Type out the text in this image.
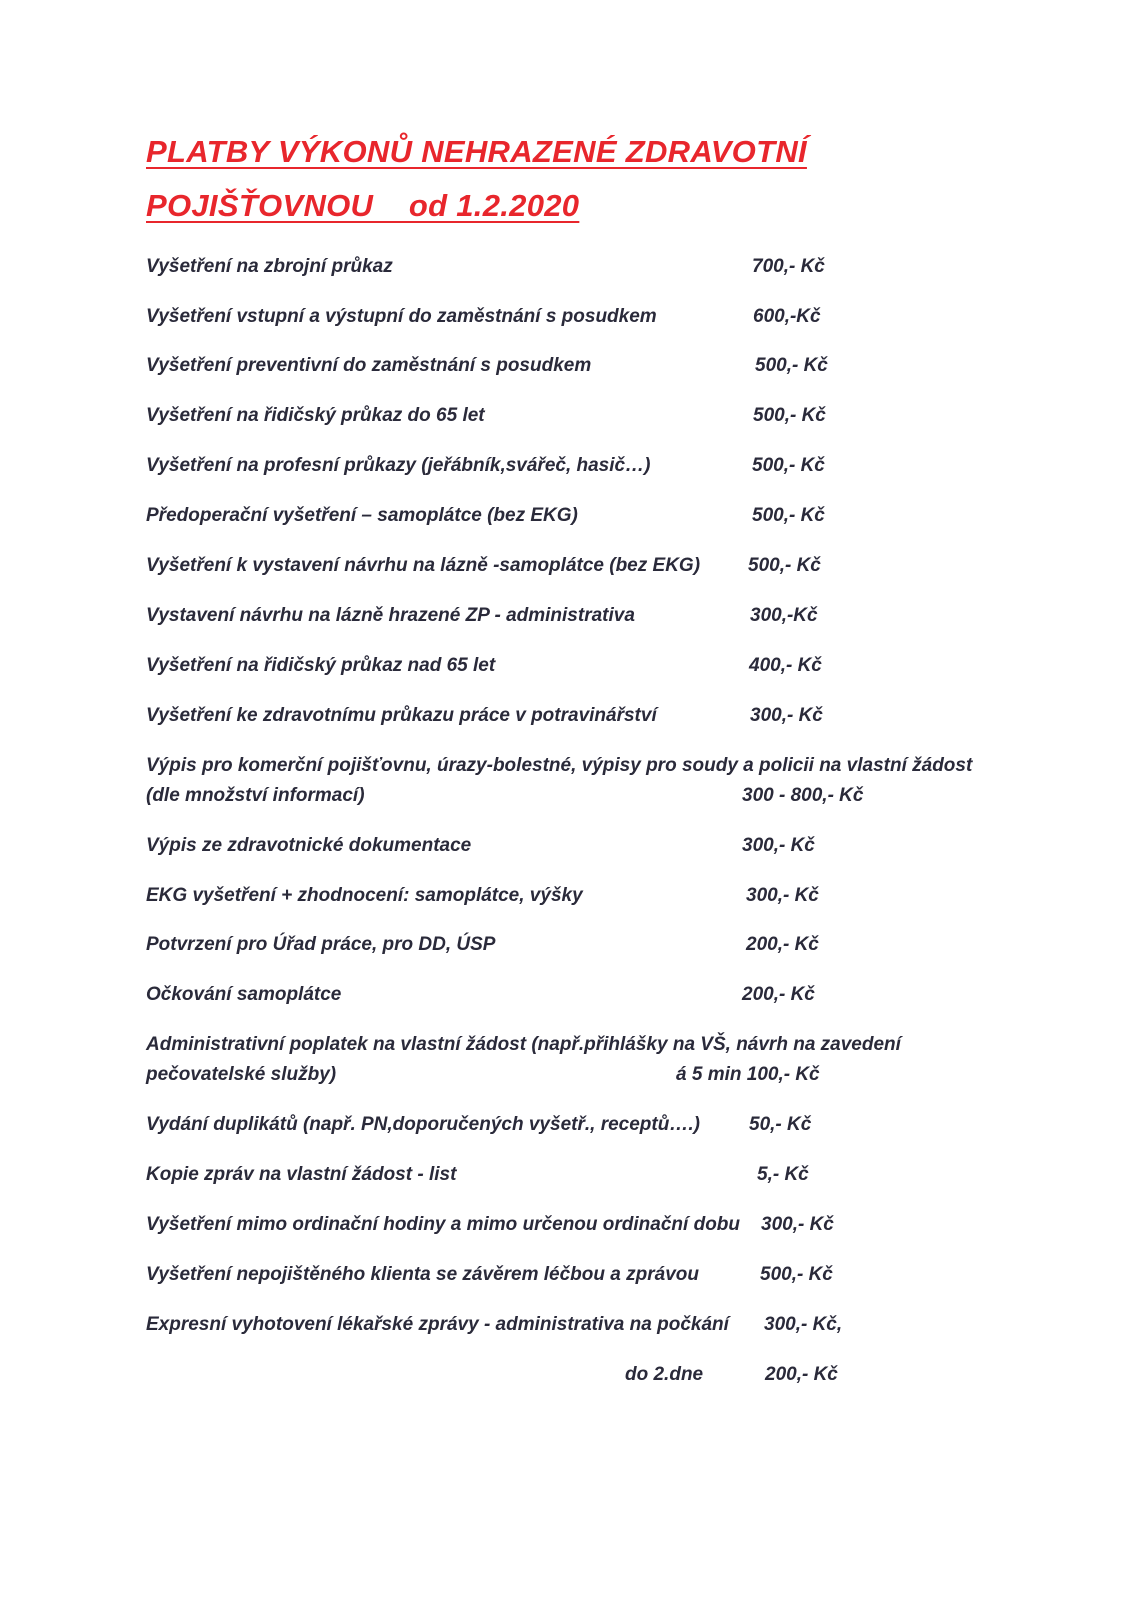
PLATBY VÝKONŮ NEHRAZENÉ ZDRAVOTNÍ
POJIŠŤOVNOU    od 1.2.2020
Vyšetření na zbrojní průkaz	700,- Kč
Vyšetření vstupní a výstupní do zaměstnání s posudkem	600,-Kč
Vyšetření preventivní do zaměstnání s posudkem	500,- Kč
Vyšetření na řidičský průkaz do 65 let	500,- Kč
Vyšetření na profesní průkazy (jeřábník,svářeč, hasič…)	500,- Kč
Předoperační vyšetření – samoplátce (bez EKG)	500,- Kč
Vyšetření k vystavení návrhu na lázně -samoplátce (bez EKG)	500,- Kč
Vystavení návrhu na lázně hrazené ZP - administrativa	300,-Kč
Vyšetření na řidičský průkaz nad 65 let	400,- Kč
Vyšetření ke zdravotnímu průkazu práce v potravinářství	300,- Kč
Výpis pro komerční pojišťovnu, úrazy-bolestné, výpisy pro soudy a policii na vlastní žádost
(dle množství informací)	300 - 800,- Kč
Výpis ze zdravotnické dokumentace	300,- Kč
EKG vyšetření + zhodnocení: samoplátce, výšky	300,- Kč
Potvrzení pro Úřad práce, pro DD, ÚSP	200,- Kč
Očkování samoplátce	200,- Kč
Administrativní poplatek na vlastní žádost (např.přihlášky na VŠ, návrh na zavedení
pečovatelské služby)	á 5 min 100,- Kč
Vydání duplikátů (např. PN,doporučených vyšetř., receptů….)	50,- Kč
Kopie zpráv na vlastní žádost - list	5,- Kč
Vyšetření mimo ordinační hodiny a mimo určenou ordinační dobu 300,- Kč
Vyšetření nepojištěného klienta se závěrem léčbou a zprávou	500,- Kč
Expresní vyhotovení lékařské zprávy - administrativa na počkání 300,- Kč,
do 2.dne	200,- Kč
